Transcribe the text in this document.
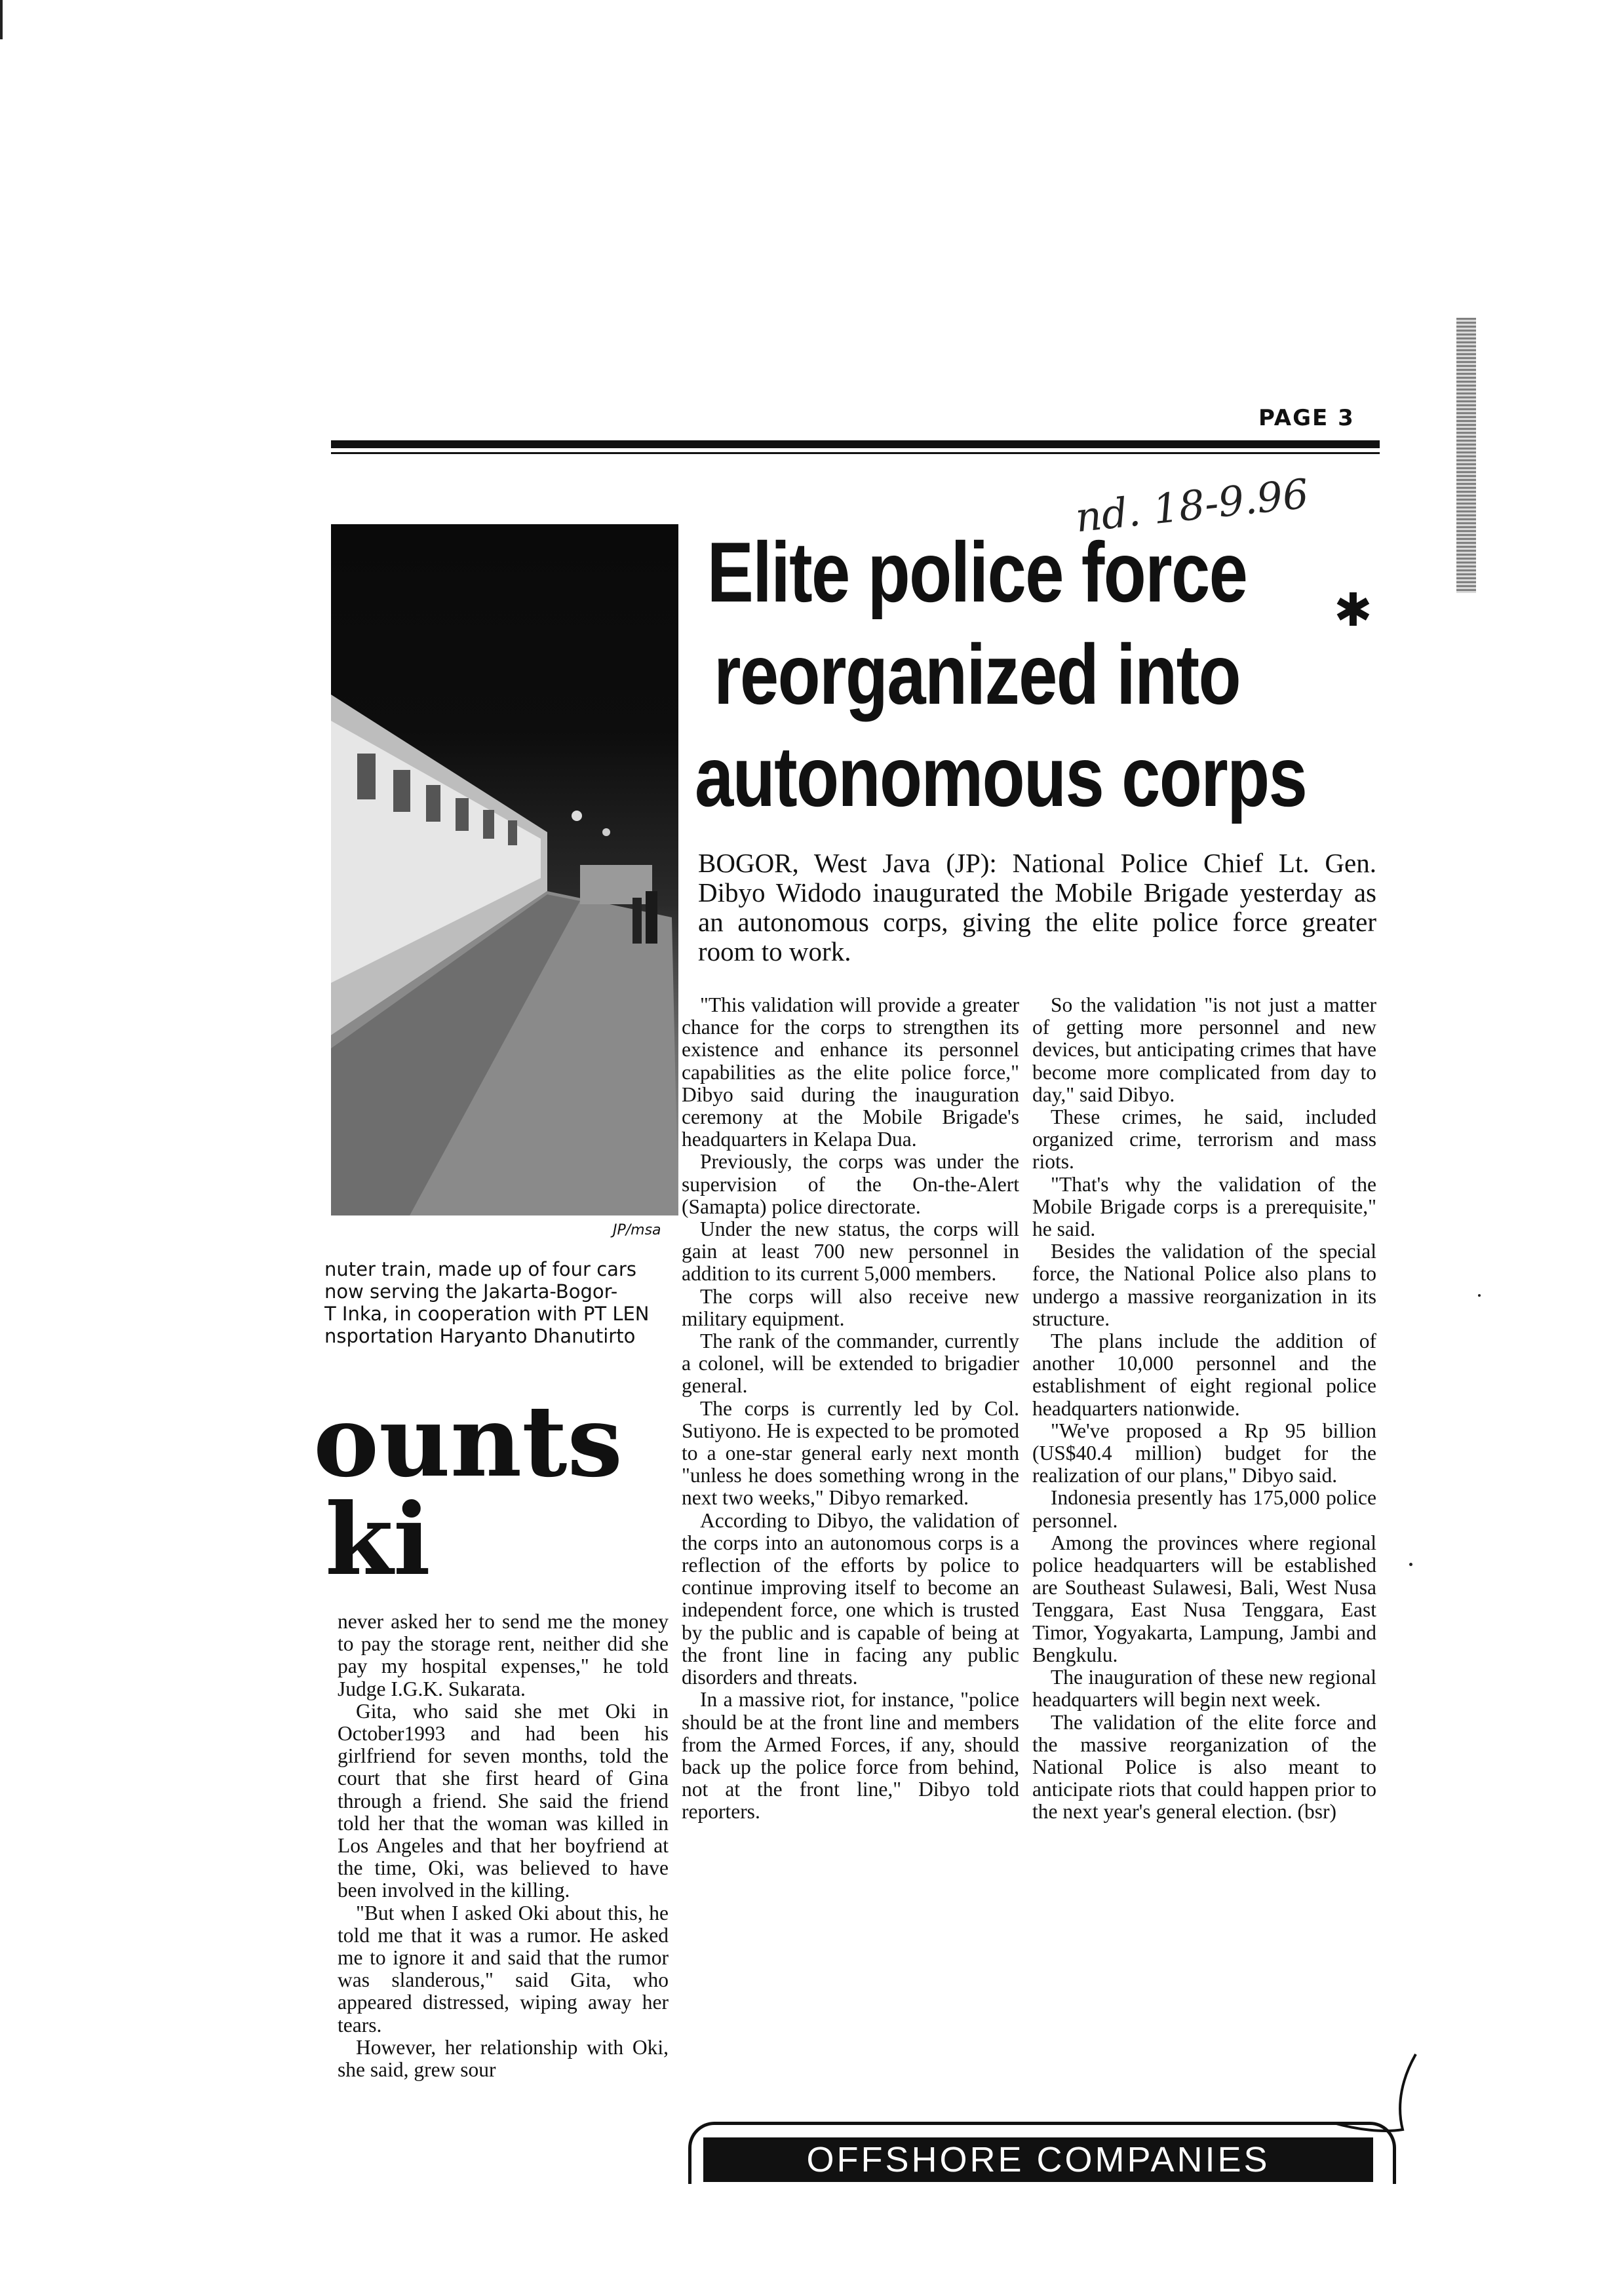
PAGE 3
nd. 18-9.96
✱
JP/msa
nuter train, made up of four cars
now serving the Jakarta-Bogor-
T Inka, in cooperation with PT LEN
nsportation Haryanto Dhanutirto
Elite police force
reorganized into
autonomous corps
BOGOR, West Java (JP): National Police Chief Lt. Gen. Dibyo Widodo inaugurated the Mobile Brigade yesterday as an autonomous corps, giving the elite police force greater room to work.
ounts
ki

never asked her to send me the money to pay the storage rent, neither did she pay my hospital expenses," he told Judge I.G.K. Sukarata.

Gita, who said she met Oki in October1993 and had been his girlfriend for seven months, told the court that she first heard of Gina through a friend. She said the friend told her that the woman was killed in Los Angeles and that her boyfriend at the time, Oki, was believed to have been involved in the killing.

"But when I asked Oki about this, he told me that it was a rumor. He asked me to ignore it and said that the rumor was slanderous," said Gita, who appeared distressed, wiping away her tears.

However, her relationship with Oki, she said, grew sour

"This validation will provide a greater chance for the corps to strengthen its existence and enhance its personnel capabilities as the elite police force," Dibyo said during the inauguration ceremony at the Mobile Brigade's headquarters in Kelapa Dua.

Previously, the corps was under the supervision of the On-the-Alert (Samapta) police directorate.

Under the new status, the corps will gain at least 700 new personnel in addition to its current 5,000 members.

The corps will also receive new military equipment.

The rank of the commander, currently a colonel, will be extended to brigadier general.

The corps is currently led by Col. Sutiyono. He is expected to be promoted to a one-star general early next month "unless he does something wrong in the next two weeks," Dibyo remarked.

According to Dibyo, the validation of the corps into an autonomous corps is a reflection of the efforts by police to continue improving itself to become an independent force, one which is trusted by the public and is capable of being at the front line in facing any public disorders and threats.

In a massive riot, for instance, "police should be at the front line and members from the Armed Forces, if any, should back up the police force from behind, not at the front line," Dibyo told reporters.

So the validation "is not just a matter of getting more personnel and new devices, but anticipating crimes that have become more complicated from day to day," said Dibyo.

These crimes, he said, included organized crime, terrorism and mass riots.

"That's why the validation of the Mobile Brigade corps is a prerequisite," he said.

Besides the validation of the special force, the National Police also plans to undergo a massive reorganization in its structure.

The plans include the addition of another 10,000 personnel and the establishment of eight regional police headquarters nationwide.

"We've proposed a Rp 95 billion (US$40.4 million) budget for the realization of our plans," Dibyo said.

Indonesia presently has 175,000 police personnel.

Among the provinces where regional police headquarters will be established are Southeast Sulawesi, Bali, West Nusa Tenggara, East Nusa Tenggara, East Timor, Yogyakarta, Lampung, Jambi and Bengkulu.

The inauguration of these new regional headquarters will begin next week.

The validation of the elite force and the massive reorganization of the National Police is also meant to anticipate riots that could happen prior to the next year's general election. (bsr)

OFFSHORE COMPANIES
